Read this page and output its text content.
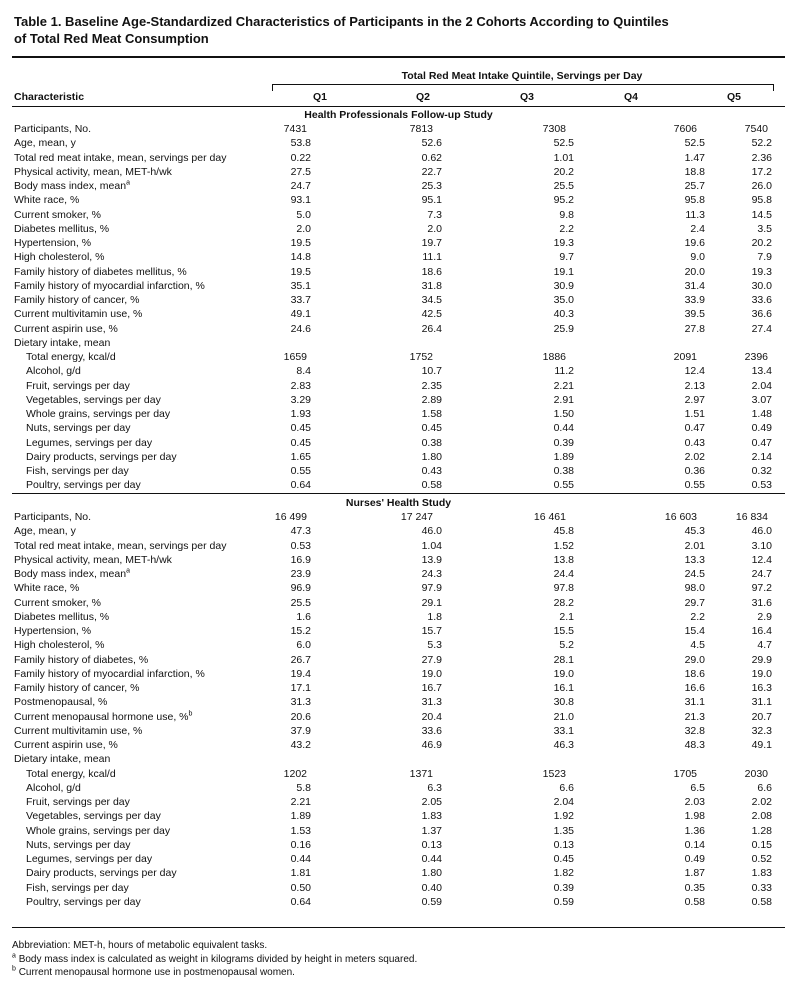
Table 1. Baseline Age-Standardized Characteristics of Participants in the 2 Cohorts According to Quintiles
of Total Red Meat Consumption
Total Red Meat Intake Quintile, Servings per Day
Characteristic	Q1	Q2	Q3	Q4	Q5
Health Professionals Follow-up Study
Participants, No.	7431	7813	7308	7606	7540
Age, mean, y	53.8	52.6	52.5	52.5	52.2
Total red meat intake, mean, servings per day	0.22	0.62	1.01	1.47	2.36
Physical activity, mean, MET-h/wk	27.5	22.7	20.2	18.8	17.2
Body mass index, mean$^a$	24.7	25.3	25.5	25.7	26.0
White race, %	93.1	95.1	95.2	95.8	95.8
Current smoker, %	5.0	7.3	9.8	11.3	14.5
Diabetes mellitus, %	2.0	2.0	2.2	2.4	3.5
Hypertension, %	19.5	19.7	19.3	19.6	20.2
High cholesterol, %	14.8	11.1	9.7	9.0	7.9
Family history of diabetes mellitus, %	19.5	18.6	19.1	20.0	19.3
Family history of myocardial infarction, %	35.1	31.8	30.9	31.4	30.0
Family history of cancer, %	33.7	34.5	35.0	33.9	33.6
Current multivitamin use, %	49.1	42.5	40.3	39.5	36.6
Current aspirin use, %	24.6	26.4	25.9	27.8	27.4
Dietary intake, mean
Total energy, kcal/d	1659	1752	1886	2091	2396
Alcohol, g/d	8.4	10.7	11.2	12.4	13.4
Fruit, servings per day	2.83	2.35	2.21	2.13	2.04
Vegetables, servings per day	3.29	2.89	2.91	2.97	3.07
Whole grains, servings per day	1.93	1.58	1.50	1.51	1.48
Nuts, servings per day	0.45	0.45	0.44	0.47	0.49
Legumes, servings per day	0.45	0.38	0.39	0.43	0.47
Dairy products, servings per day	1.65	1.80	1.89	2.02	2.14
Fish, servings per day	0.55	0.43	0.38	0.36	0.32
Poultry, servings per day	0.64	0.58	0.55	0.55	0.53
Nurses' Health Study
Participants, No.	16 499	17 247	16 461	16 603	16 834
Age, mean, y	47.3	46.0	45.8	45.3	46.0
Total red meat intake, mean, servings per day	0.53	1.04	1.52	2.01	3.10
Physical activity, mean, MET-h/wk	16.9	13.9	13.8	13.3	12.4
Body mass index, mean$^a$	23.9	24.3	24.4	24.5	24.7
White race, %	96.9	97.9	97.8	98.0	97.2
Current smoker, %	25.5	29.1	28.2	29.7	31.6
Diabetes mellitus, %	1.6	1.8	2.1	2.2	2.9
Hypertension, %	15.2	15.7	15.5	15.4	16.4
High cholesterol, %	6.0	5.3	5.2	4.5	4.7
Family history of diabetes, %	26.7	27.9	28.1	29.0	29.9
Family history of myocardial infarction, %	19.4	19.0	19.0	18.6	19.0
Family history of cancer, %	17.1	16.7	16.1	16.6	16.3
Postmenopausal, %	31.3	31.3	30.8	31.1	31.1
Current menopausal hormone use, %$^b$	20.6	20.4	21.0	21.3	20.7
Current multivitamin use, %	37.9	33.6	33.1	32.8	32.3
Current aspirin use, %	43.2	46.9	46.3	48.3	49.1
Dietary intake, mean
Total energy, kcal/d	1202	1371	1523	1705	2030
Alcohol, g/d	5.8	6.3	6.6	6.5	6.6
Fruit, servings per day	2.21	2.05	2.04	2.03	2.02
Vegetables, servings per day	1.89	1.83	1.92	1.98	2.08
Whole grains, servings per day	1.53	1.37	1.35	1.36	1.28
Nuts, servings per day	0.16	0.13	0.13	0.14	0.15
Legumes, servings per day	0.44	0.44	0.45	0.49	0.52
Dairy products, servings per day	1.81	1.80	1.82	1.87	1.83
Fish, servings per day	0.50	0.40	0.39	0.35	0.33
Poultry, servings per day	0.64	0.59	0.59	0.58	0.58
Abbreviation: MET-h, hours of metabolic equivalent tasks.
$^a$ Body mass index is calculated as weight in kilograms divided by height in meters squared.
$^b$ Current menopausal hormone use in postmenopausal women.
